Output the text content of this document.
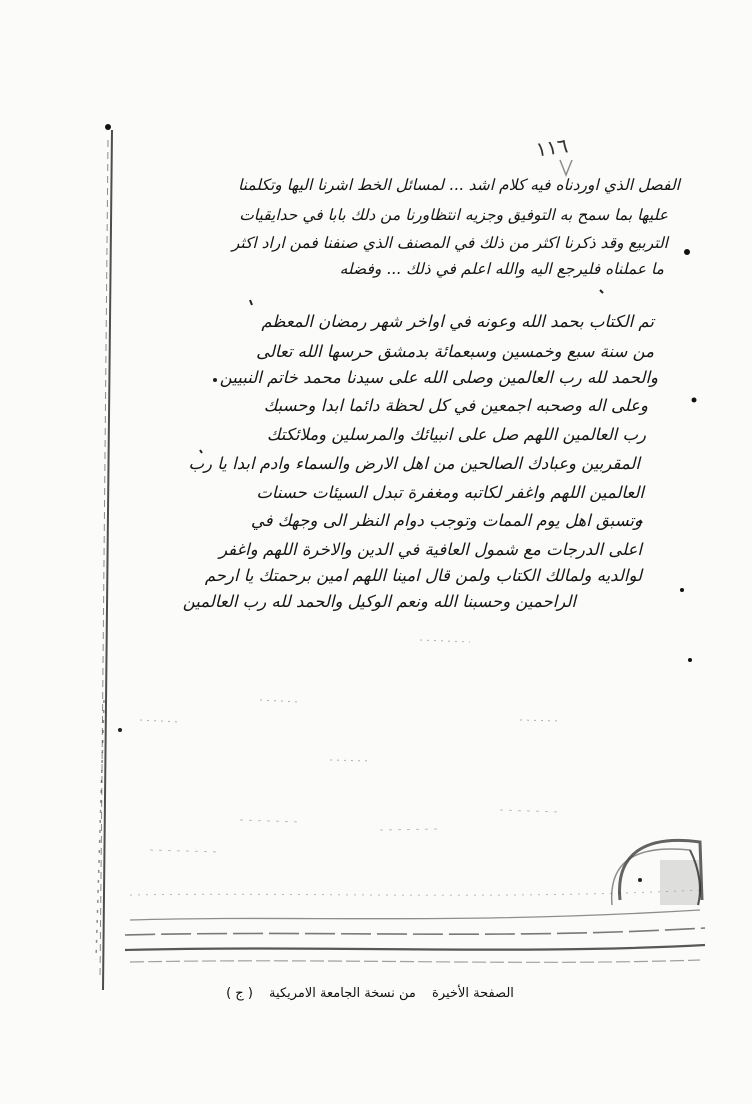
١١٦
الفصل الذي اوردناه فيه كلام اشد ... لمسائل الخط اشرنا اليها وتكلمنا
عليها بما سمح به التوفيق وجزيه انتظاورنا من دلك بابا في حدايقيات
التربيع وقد ذكرنا اكثر من ذلك في المصنف الذي صنفنا فمن اراد اكثر
ما عملناه فليرجع اليه والله اعلم في ذلك ... وفضله
تم الكتاب بحمد الله وعونه في اواخر شهر رمضان المعظم
من سنة سبع وخمسين وسبعمائة بدمشق حرسها الله تعالى
والحمد لله رب العالمين وصلى الله على سيدنا محمد خاتم النبيين
وعلى اله وصحبه اجمعين في كل لحظة دائما ابدا وحسبك
رب العالمين اللهم صل على انبيائك والمرسلين وملائكتك
المقربين وعبادك الصالحين من اهل الارض والسماء وادم ابدا يا رب
العالمين اللهم واغفر لكاتبه ومغفرة تبدل السيئات حسنات
وتسبق اهل يوم الممات وتوجب دوام النظر الى وجهك في
اعلى الدرجات مع شمول العافية في الدين والاخرة اللهم واغفر
لوالديه ولمالك الكتاب ولمن قال امينا اللهم امين برحمتك يا ارحم
الراحمين وحسبنا الله ونعم الوكيل والحمد لله رب العالمين
الصفحة الأخيرة من نسخة الجامعة الامريكية ( ج )
